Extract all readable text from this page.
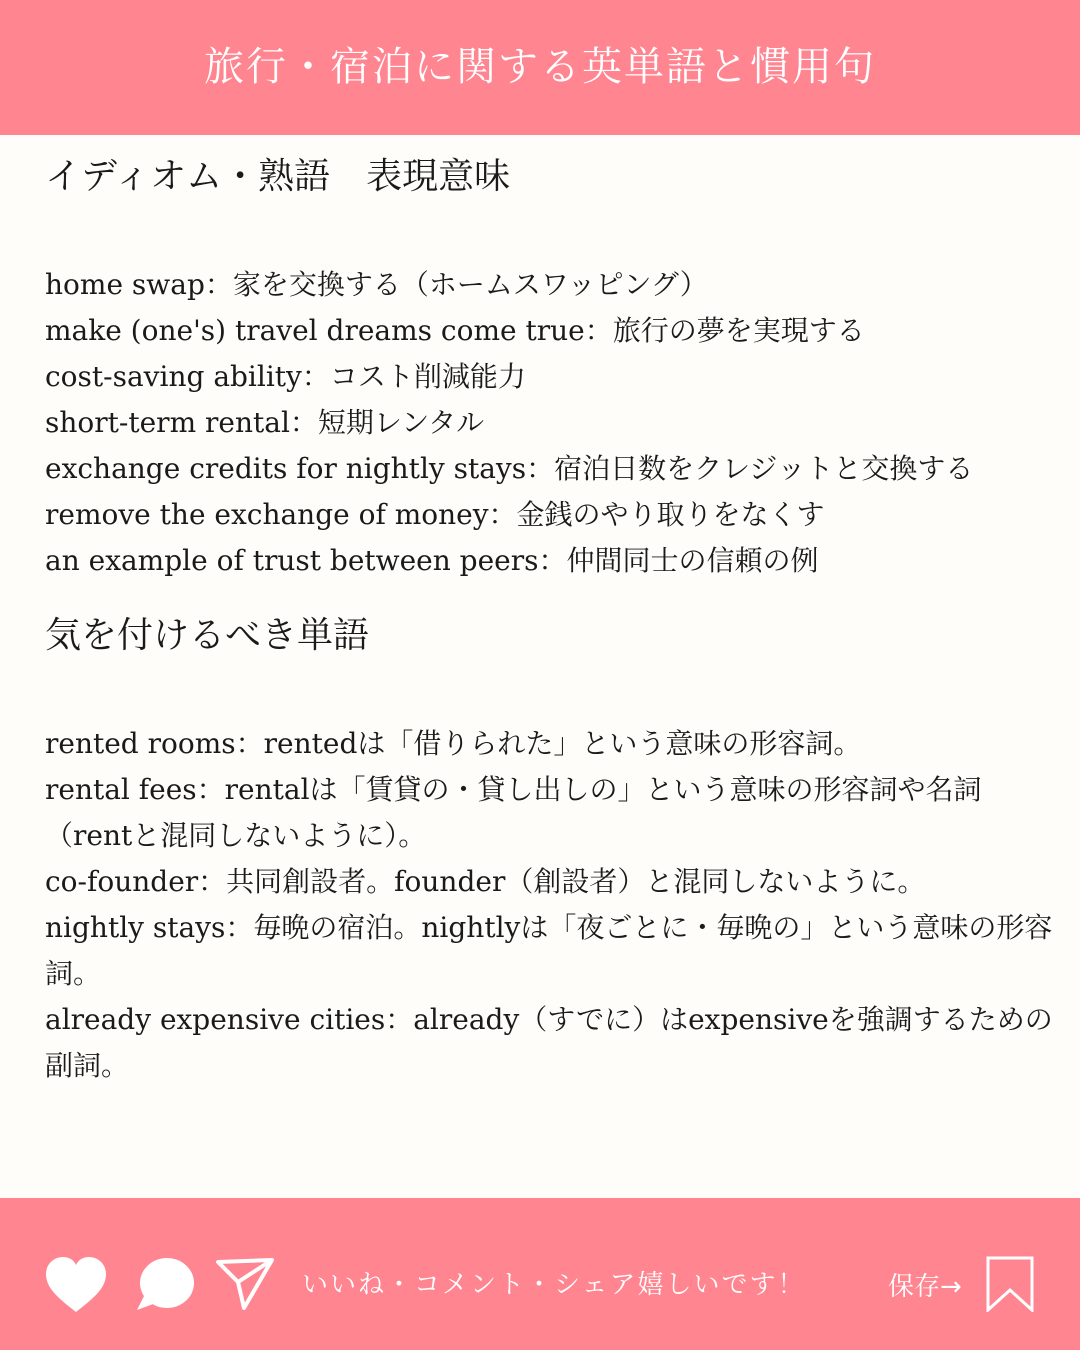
旅行・宿泊に関する英単語と慣用句
イディオム・熟語　表現意味
home swap：家を交換する（ホームスワッピング）
make (one's) travel dreams come true：旅行の夢を実現する
cost-saving ability：コスト削減能力
short-term rental：短期レンタル
exchange credits for nightly stays：宿泊日数をクレジットと交換する
remove the exchange of money：金銭のやり取りをなくす
an example of trust between peers：仲間同士の信頼の例
気を付けるべき単語
rented rooms：rentedは「借りられた」という意味の形容詞。
rental fees：rentalは「賃貸の・貸し出しの」という意味の形容詞や名詞（rentと混同しないように）。
co-founder：共同創設者。founder（創設者）と混同しないように。
nightly stays：毎晩の宿泊。nightlyは「夜ごとに・毎晩の」という意味の形容詞。
already expensive cities：already（すでに）はexpensiveを強調するための副詞。
いいね・コメント・シェア嬉しいです！	保存→
